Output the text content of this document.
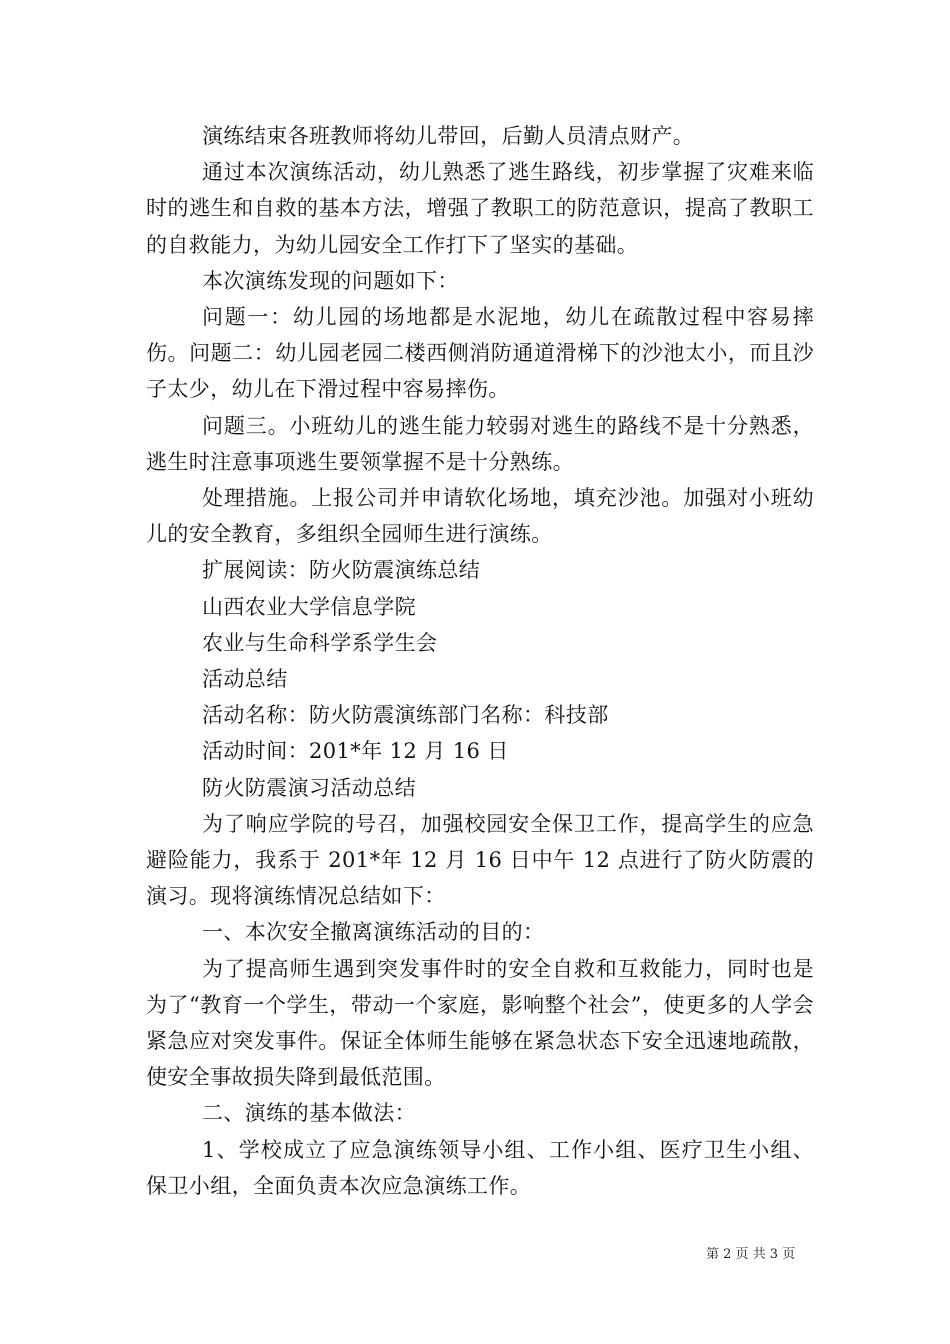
演练结束各班教师将幼儿带回，后勤人员清点财产。

通过本次演练活动，幼儿熟悉了逃生路线，初步掌握了灾难来临时的逃生和自救的基本方法，增强了教职工的防范意识，提高了教职工的自救能力，为幼儿园安全工作打下了坚实的基础。

本次演练发现的问题如下：

问题一：幼儿园的场地都是水泥地，幼儿在疏散过程中容易摔伤。问题二：幼儿园老园二楼西侧消防通道滑梯下的沙池太小，而且沙子太少，幼儿在下滑过程中容易摔伤。

问题三。小班幼儿的逃生能力较弱对逃生的路线不是十分熟悉，逃生时注意事项逃生要领掌握不是十分熟练。

处理措施。上报公司并申请软化场地，填充沙池。加强对小班幼儿的安全教育，多组织全园师生进行演练。

扩展阅读：防火防震演练总结

山西农业大学信息学院

农业与生命科学系学生会

活动总结

活动名称：防火防震演练部门名称：科技部

活动时间：201*年 12 月 16 日

防火防震演习活动总结

为了响应学院的号召，加强校园安全保卫工作，提高学生的应急避险能力，我系于 201*年 12 月 16 日中午 12 点进行了防火防震的演习。现将演练情况总结如下：

一、本次安全撤离演练活动的目的：

为了提高师生遇到突发事件时的安全自救和互救能力，同时也是为了“教育一个学生，带动一个家庭，影响整个社会”，使更多的人学会紧急应对突发事件。保证全体师生能够在紧急状态下安全迅速地疏散，使安全事故损失降到最低范围。

二、演练的基本做法：

1、学校成立了应急演练领导小组、工作小组、医疗卫生小组、保卫小组，全面负责本次应急演练工作。

第 2 页 共 3 页
